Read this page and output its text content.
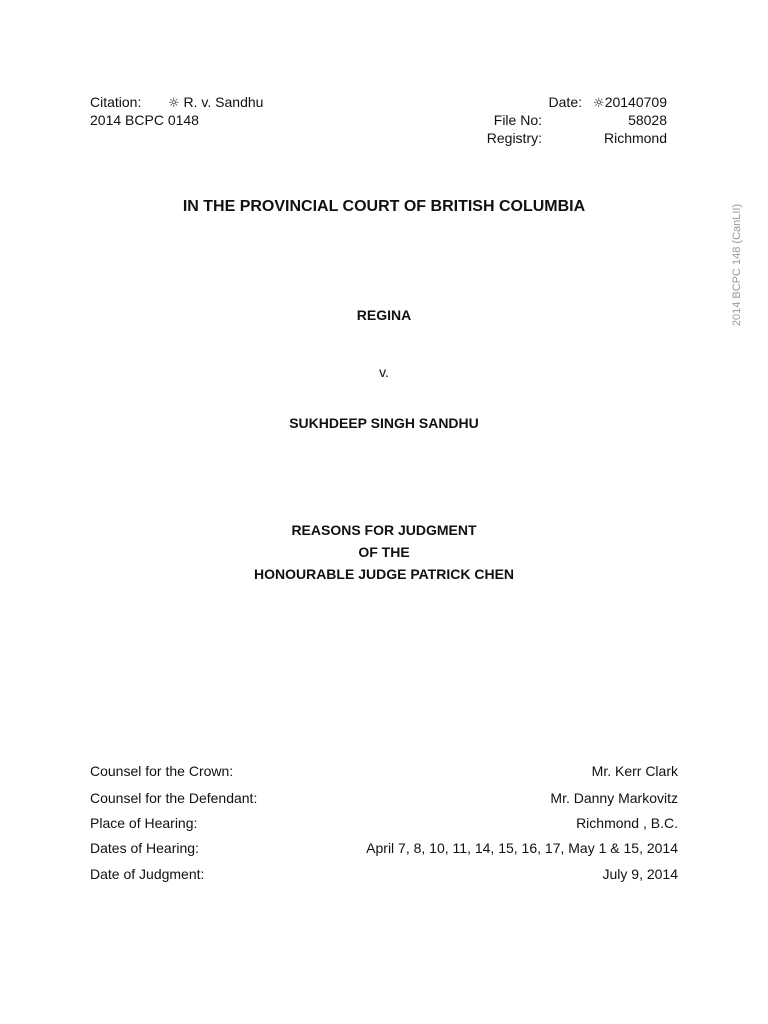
Citation: ☼ R. v. Sandhu
2014 BCPC 0148
Date: ☼20140709
File No:	58028
Registry:	Richmond
IN THE PROVINCIAL COURT OF BRITISH COLUMBIA
REGINA
v.
SUKHDEEP SINGH SANDHU
REASONS FOR JUDGMENT
OF THE
HONOURABLE JUDGE PATRICK CHEN
Counsel for the Crown:	Mr. Kerr Clark
Counsel for the Defendant:	Mr. Danny Markovitz
Place of Hearing:	Richmond , B.C.
Dates of Hearing:	April 7, 8, 10, 11, 14, 15, 16, 17, May 1 & 15, 2014
Date of Judgment:	July 9, 2014
2014 BCPC 148 (CanLII)
